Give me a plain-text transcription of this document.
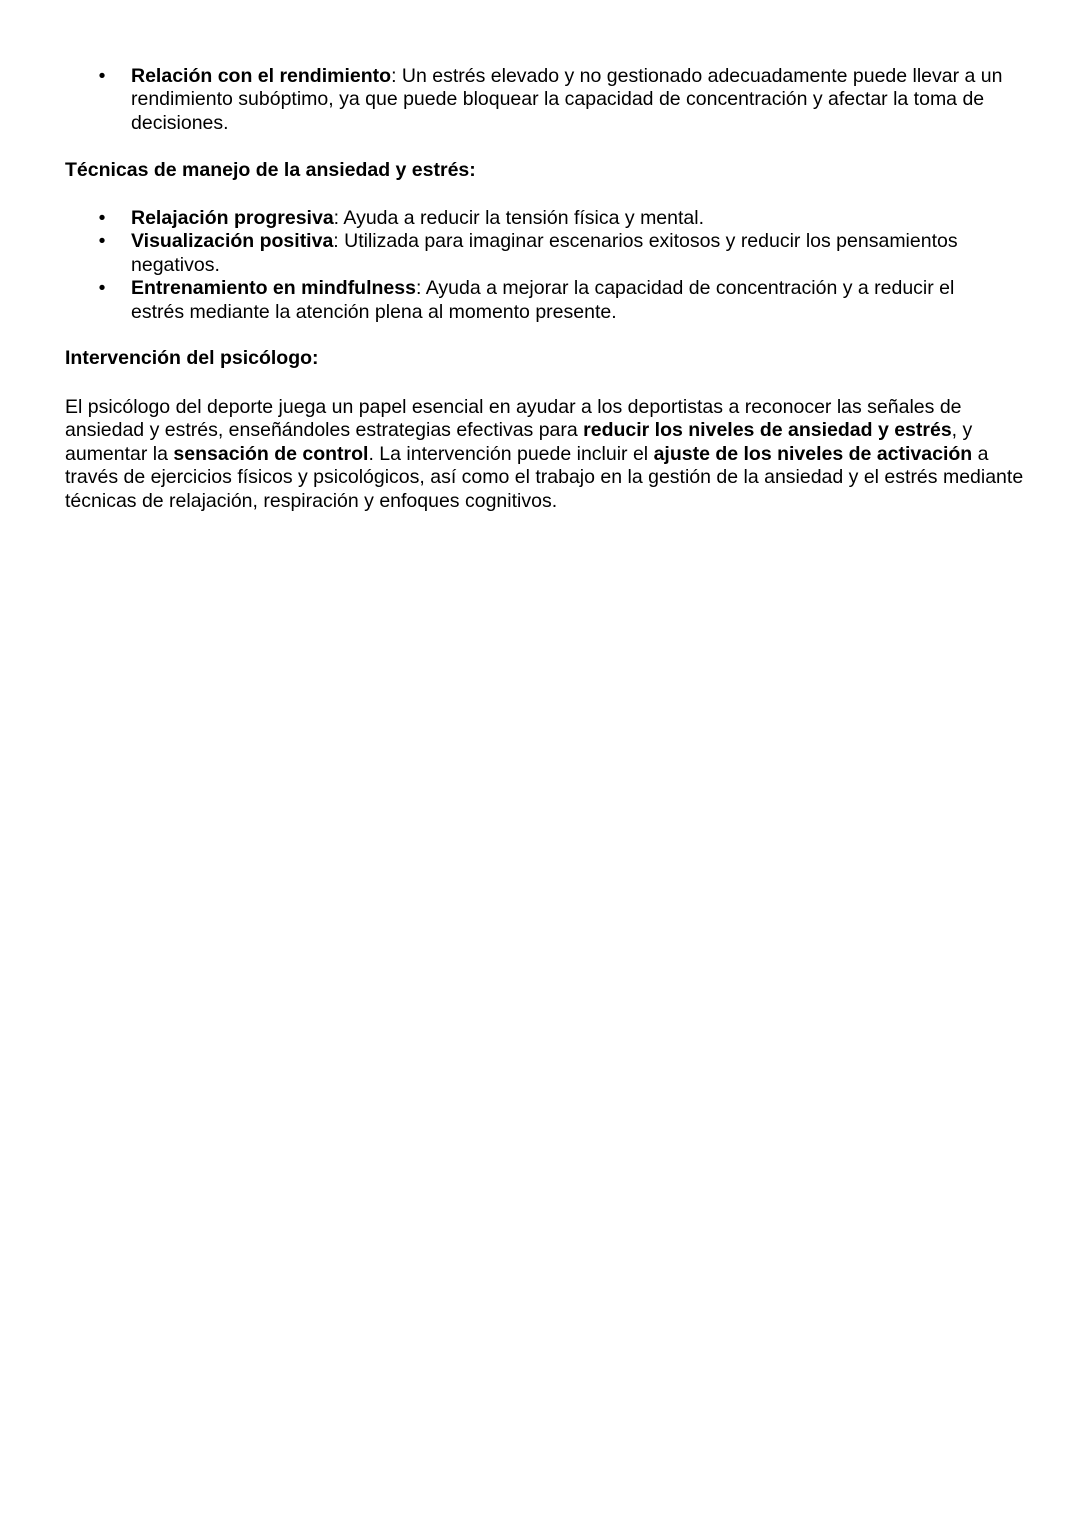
• Relación con el rendimiento: Un estrés elevado y no gestionado adecuadamente puede llevar a un rendimiento subóptimo, ya que puede bloquear la capacidad de concentración y afectar la toma de decisiones.
Técnicas de manejo de la ansiedad y estrés:
• Relajación progresiva: Ayuda a reducir la tensión física y mental.
• Visualización positiva: Utilizada para imaginar escenarios exitosos y reducir los pensamientos negativos.
• Entrenamiento en mindfulness: Ayuda a mejorar la capacidad de concentración y a reducir el estrés mediante la atención plena al momento presente.
Intervención del psicólogo:

El psicólogo del deporte juega un papel esencial en ayudar a los deportistas a reconocer las señales de ansiedad y estrés, enseñándoles estrategias efectivas para reducir los niveles de ansiedad y estrés, y aumentar la sensación de control. La intervención puede incluir el ajuste de los niveles de activación a través de ejercicios físicos y psicológicos, así como el trabajo en la gestión de la ansiedad y el estrés mediante técnicas de relajación, respiración y enfoques cognitivos.
